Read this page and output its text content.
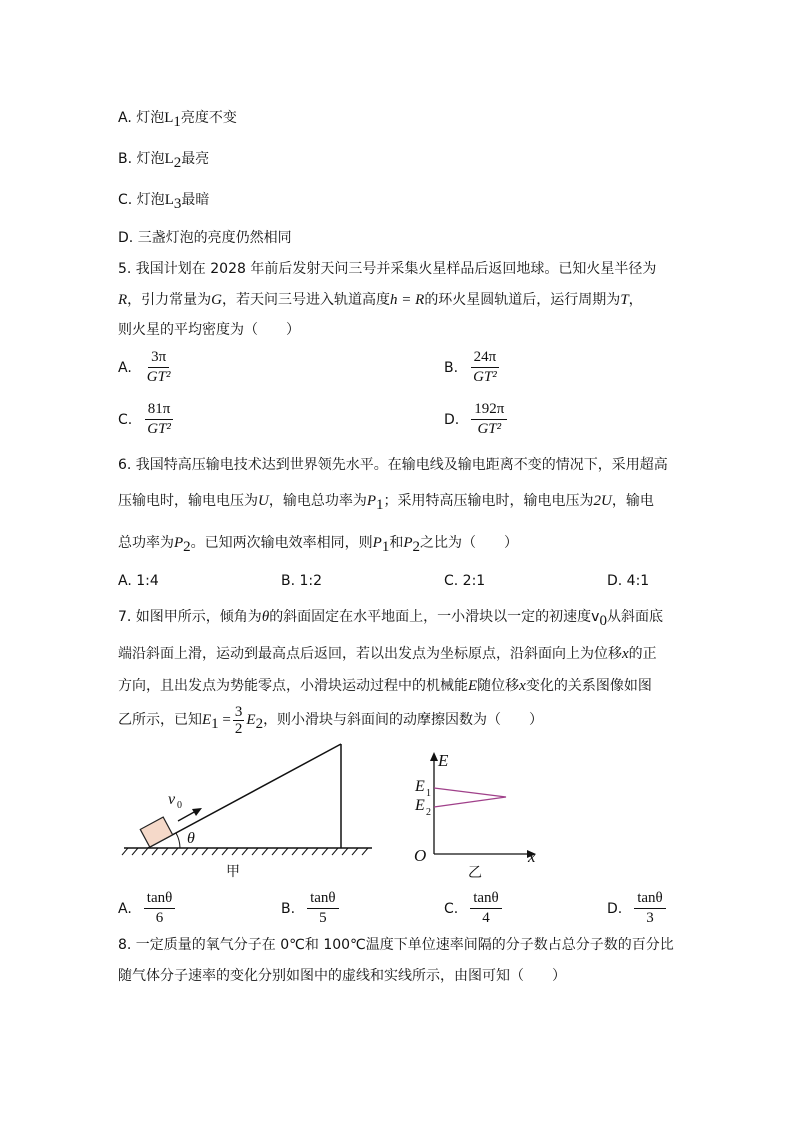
A. 灯泡$L_1$亮度不变
B. 灯泡$L_2$最亮
C. 灯泡$L_3$最暗
D. 三盏灯泡的亮度仍然相同
5. 我国计划在 2028 年前后发射天问三号并采集火星样品后返回地球。已知火星半径为
R，引力常量为G，若天问三号进入轨道高度h = R的环火星圆轨道后，运行周期为T，
则火星的平均密度为（　　）
A. $\frac{3\pi}{\text{GT²}}$	B. $\frac{24\pi}{\text{GT²}}$
C. $\frac{81\pi}{\text{GT²}}$	D. $\frac{192\pi}{\text{GT²}}$
6. 我国特高压输电技术达到世界领先水平。在输电线及输电距离不变的情况下，采用超高
压输电时，输电电压为U，输电总功率为$P_1$；采用特高压输电时，输电电压为2U，输电
总功率为$P_2$。已知两次输电效率相同，则$P_1$和$P_2$之比为（　　）
A. 1:4	B. 1:2	C. 2:1	D. 4:1
7. 如图甲所示，倾角为θ的斜面固定在水平地面上，一小滑块以一定的初速度$v_0$从斜面底
端沿斜面上滑，运动到最高点后返回，若以出发点为坐标原点，沿斜面向上为位移x的正
方向，且出发点为势能零点，小滑块运动过程中的机械能E随位移x变化的关系图像如图
乙所示，已知$E_1 = \frac{3}{2} E_2$，则小滑块与斜面间的动摩擦因数为（　　）
v 0
θ
甲
E
E 1
E 2
O	x
乙
A. $\frac{\tan\theta}{6}$	B. $\frac{\tan\theta}{5}$	C. $\frac{\tan\theta}{4}$	D. $\frac{\tan\theta}{3}$
8. 一定质量的氧气分子在 0℃和 100℃温度下单位速率间隔的分子数占总分子数的百分比
随气体分子速率的变化分别如图中的虚线和实线所示，由图可知（　　）
